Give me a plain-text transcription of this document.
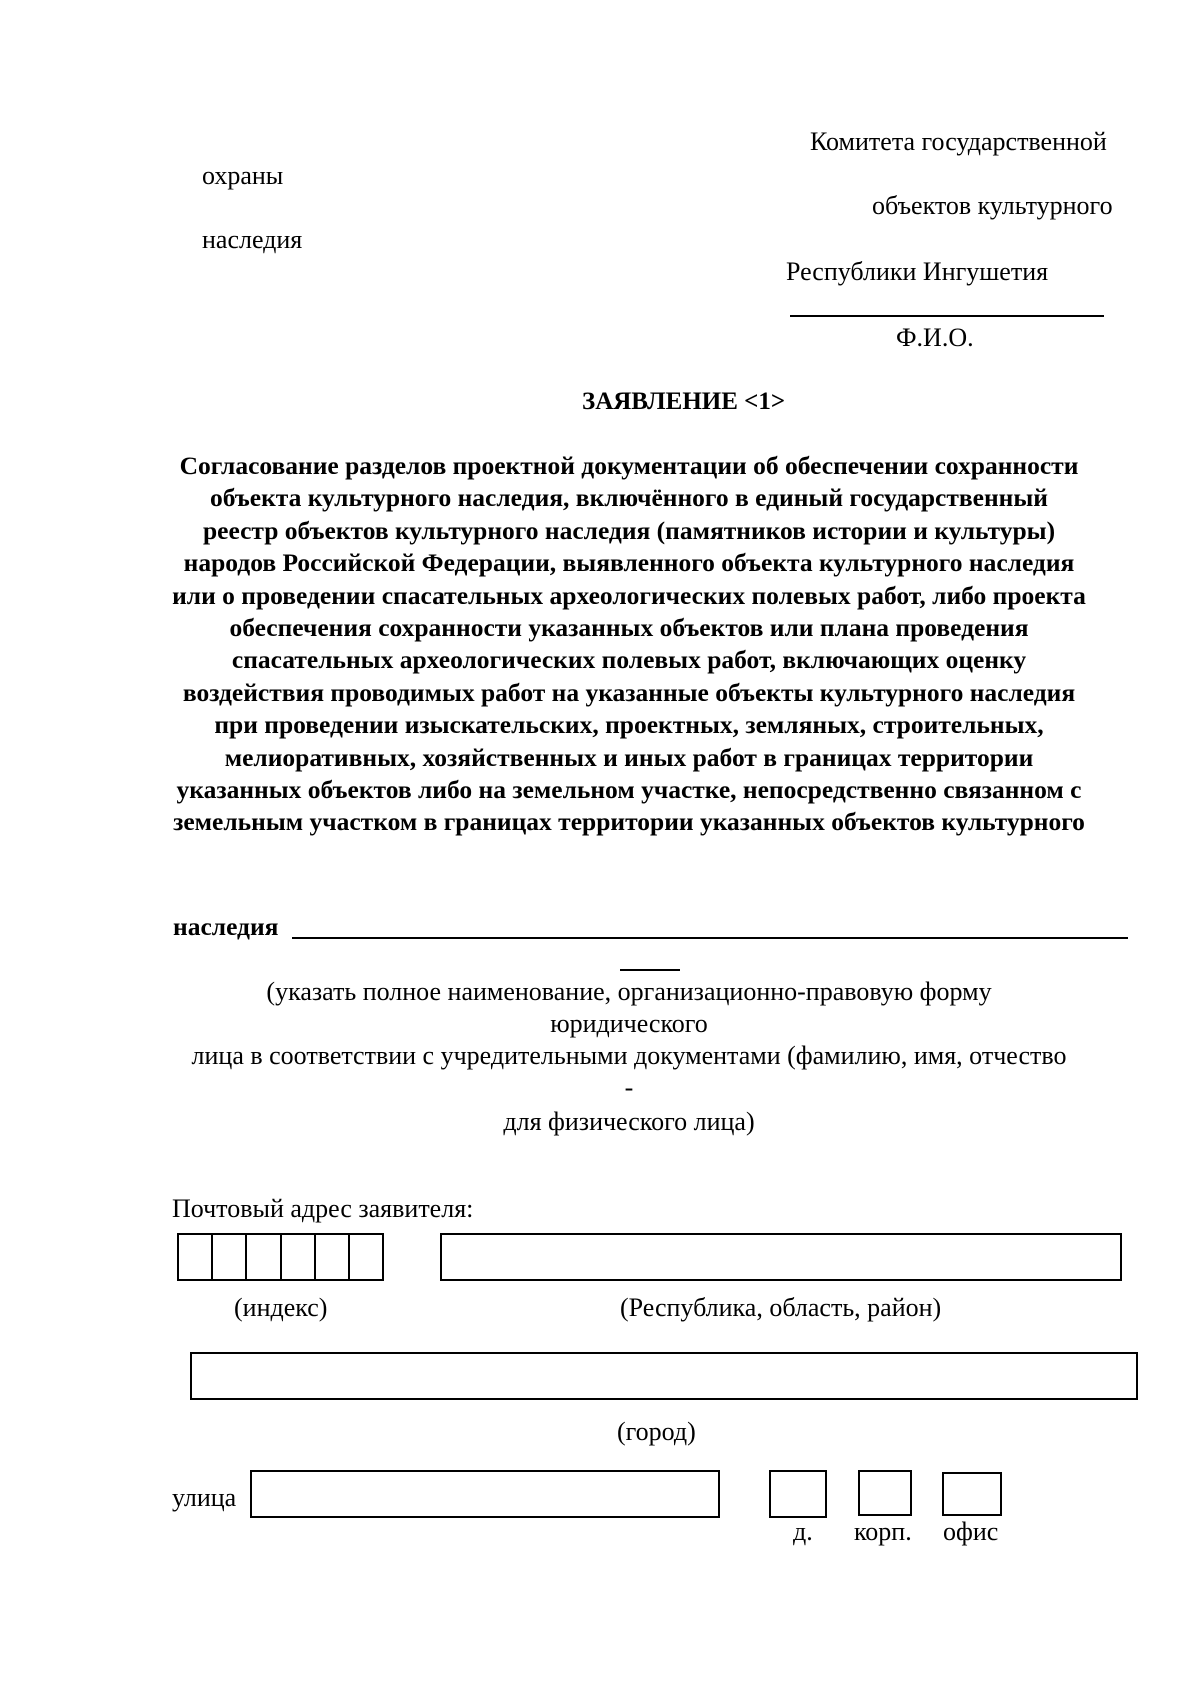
Комитета государственной
охраны
объектов культурного
наследия
Республики Ингушетия
Ф.И.О.
ЗАЯВЛЕНИЕ <1>
Согласование разделов проектной документации об обеспечении сохранности объекта культурного наследия, включённого в единый государственный реестр объектов культурного наследия (памятников истории и культуры) народов Российской Федерации, выявленного объекта культурного наследия или о проведении спасательных археологических полевых работ, либо проекта обеспечения сохранности указанных объектов или плана проведения спасательных археологических полевых работ, включающих оценку воздействия проводимых работ на указанные объекты культурного наследия при проведении изыскательских, проектных, земляных, строительных, мелиоративных, хозяйственных и иных работ в границах территории указанных объектов либо на земельном участке, непосредственно связанном с земельным участком в границах территории указанных объектов культурного
наследия
(указать полное наименование, организационно-правовую форму
юридического
лица в соответствии с учредительными документами (фамилию, имя, отчество
-
для физического лица)
Почтовый адрес заявителя:
(индекс)	(Республика, область, район)
(город)
улица
д. корп. офис
